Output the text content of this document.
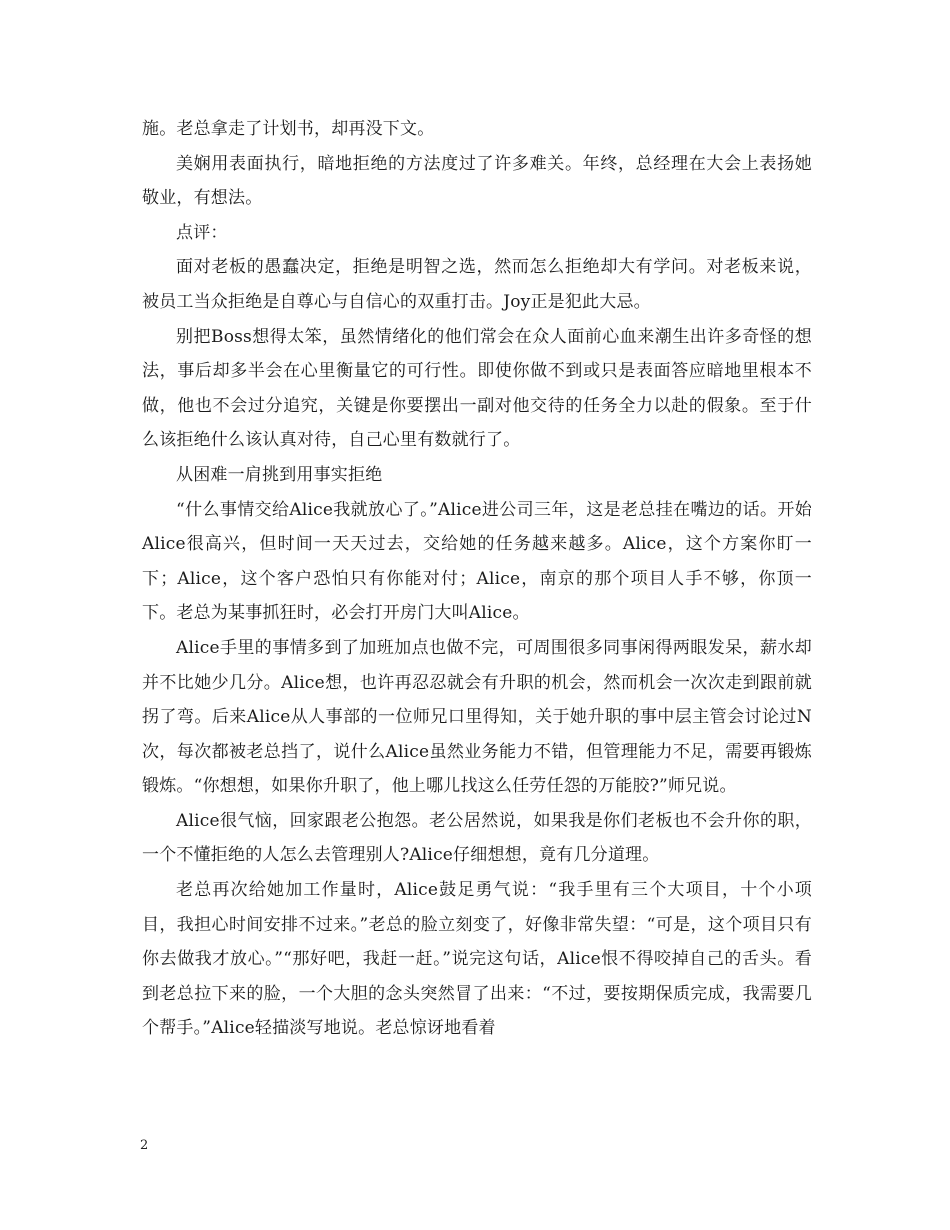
施。老总拿走了计划书，却再没下文。

美娴用表面执行，暗地拒绝的方法度过了许多难关。年终，总经理在大会上表扬她敬业，有想法。

点评：

面对老板的愚蠢决定，拒绝是明智之选，然而怎么拒绝却大有学问。对老板来说，被员工当众拒绝是自尊心与自信心的双重打击。Joy正是犯此大忌。

别把Boss想得太笨，虽然情绪化的他们常会在众人面前心血来潮生出许多奇怪的想法，事后却多半会在心里衡量它的可行性。即使你做不到或只是表面答应暗地里根本不做，他也不会过分追究，关键是你要摆出一副对他交待的任务全力以赴的假象。至于什么该拒绝什么该认真对待，自己心里有数就行了。

从困难一肩挑到用事实拒绝

“什么事情交给Alice我就放心了。”Alice进公司三年，这是老总挂在嘴边的话。开始Alice很高兴，但时间一天天过去，交给她的任务越来越多。Alice，这个方案你盯一下；Alice，这个客户恐怕只有你能对付；Alice，南京的那个项目人手不够，你顶一下。老总为某事抓狂时，必会打开房门大叫Alice。

Alice手里的事情多到了加班加点也做不完，可周围很多同事闲得两眼发呆，薪水却并不比她少几分。Alice想，也许再忍忍就会有升职的机会，然而机会一次次走到跟前就拐了弯。后来Alice从人事部的一位师兄口里得知，关于她升职的事中层主管会讨论过N次，每次都被老总挡了，说什么Alice虽然业务能力不错，但管理能力不足，需要再锻炼锻炼。“你想想，如果你升职了，他上哪儿找这么任劳任怨的万能胶?”师兄说。

Alice很气恼，回家跟老公抱怨。老公居然说，如果我是你们老板也不会升你的职，一个不懂拒绝的人怎么去管理别人?Alice仔细想想，竟有几分道理。

老总再次给她加工作量时，Alice鼓足勇气说：“我手里有三个大项目，十个小项目，我担心时间安排不过来。”老总的脸立刻变了，好像非常失望：“可是，这个项目只有你去做我才放心。”“那好吧，我赶一赶。”说完这句话，Alice恨不得咬掉自己的舌头。看到老总拉下来的脸，一个大胆的念头突然冒了出来：“不过，要按期保质完成，我需要几个帮手。”Alice轻描淡写地说。老总惊讶地看着

2
